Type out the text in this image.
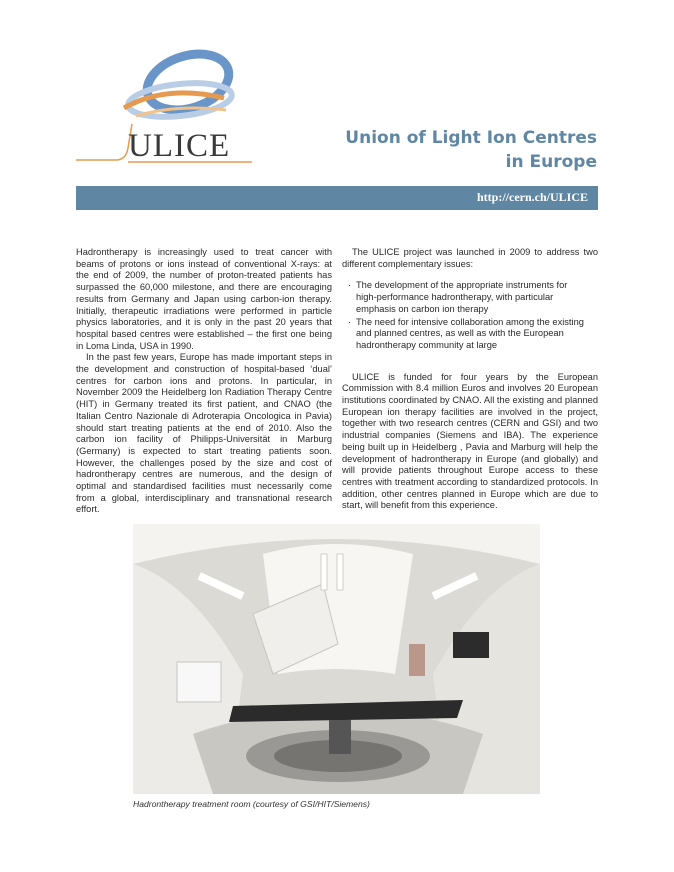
ULICE	Union of Light Ion Centres
in Europe
http://cern.ch/ULICE

Hadrontherapy is increasingly used to treat cancer with beams of protons or ions instead of conventional X-rays: at the end of 2009, the number of proton-treated patients has surpassed the 60,000 milestone, and there are encouraging results from Germany and Japan using carbon-ion therapy. Initially, therapeutic irradiations were performed in particle physics laboratories, and it is only in the past 20 years that hospital based centres were established – the first one being in Loma Linda, USA in 1990.

In the past few years, Europe has made important steps in the development and construction of hospital-based ‘dual’ centres for carbon ions and protons. In particular, in November 2009 the Heidelberg Ion Radiation Therapy Centre (HIT) in Germany treated its first patient, and CNAO (the Italian Centro Nazionale di Adroterapia Oncologica in Pavia) should start treating patients at the end of 2010. Also the carbon ion facility of Philipps-Universität in Marburg (Germany) is expected to start treating patients soon. However, the challenges posed by the size and cost of hadrontherapy centres are numerous, and the design of optimal and standardised facilities must necessarily come from a global, interdisciplinary and transnational research effort.

The ULICE project was launched in 2009 to address two different complementary issues:

· The development of the appropriate instruments for high-performance hadrontherapy, with particular emphasis on carbon ion therapy
· The need for intensive collaboration among the existing and planned centres, as well as with the European hadrontherapy community at large

ULICE is funded for four years by the European Commission with 8.4 million Euros and involves 20 European institutions coordinated by CNAO. All the existing and planned European ion therapy facilities are involved in the project, together with two research centres (CERN and GSI) and two industrial companies (Siemens and IBA). The experience being built up in Heidelberg , Pavia and Marburg will help the development of hadrontherapy in Europe (and globally) and will provide patients throughout Europe access to these centres with treatment according to standardized protocols. In addition, other centres planned in Europe which are due to start, will benefit from this experience.

Hadrontherapy treatment room (courtesy of GSI/HIT/Siemens)
